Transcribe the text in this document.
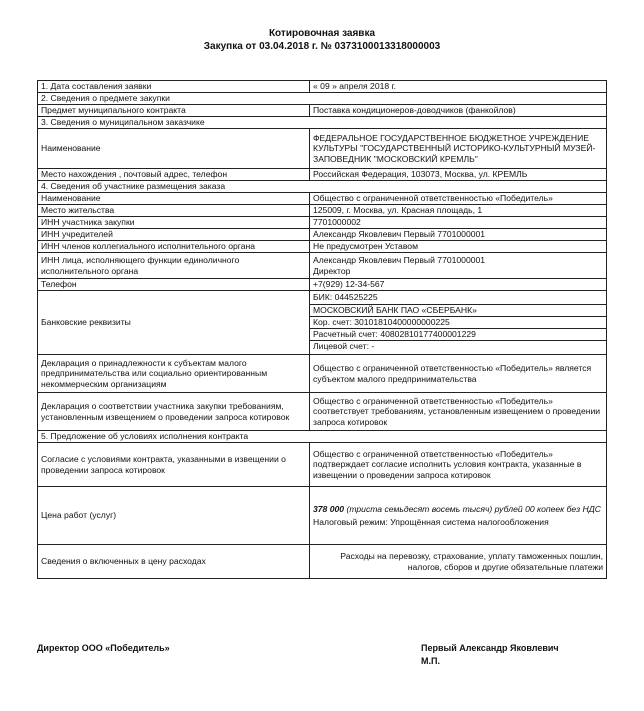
Котировочная заявка
Закупка от 03.04.2018 г. № 0373100013318000003
1. Дата составления заявки	« 09 » апреля 2018 г.
2. Сведения о предмете закупки	
Предмет муниципального контракта	Поставка кондиционеров-доводчиков (фанкойлов)
3. Сведения о муниципальном заказчике	
Наименование	ФЕДЕРАЛЬНОЕ ГОСУДАРСТВЕННОЕ БЮДЖЕТНОЕ УЧРЕЖДЕНИЕ КУЛЬТУРЫ "ГОСУДАРСТВЕННЫЙ ИСТОРИКО-КУЛЬТУРНЫЙ МУЗЕЙ-ЗАПОВЕДНИК "МОСКОВСКИЙ КРЕМЛЬ"
Место нахождения , почтовый адрес, телефон	Российская Федерация, 103073, Москва, ул. КРЕМЛЬ
4. Сведения об участнике размещения заказа	
Наименование	Общество с ограниченной ответственностью «Победитель»
Место жительства	125009, г. Москва, ул. Красная площадь, 1
ИНН участника закупки	7701000002
ИНН учредителей	Александр Яковлевич Первый 7701000001
ИНН членов коллегиального исполнительного органа	Не предусмотрен Уставом
ИНН лица, исполняющего функции единоличного исполнительного органа	Александр Яковлевич Первый 7701000001
Директор

Телефон	+7(929) 12-34-567
Банковские реквизиты	БИК: 044525225
МОСКОВСКИЙ БАНК ПАО «СБЕРБАНК»
Кор. счет: 30101810400000000225
Расчетный счет: 40802810177400001229
Лицевой счет: -

Декларация о принадлежности к субъектам малого предпринимательства или социально ориентированным некоммерческим организациям	Общество с ограниченной ответственностью «Победитель» является субъектом малого предпринимательства
Декларация о соответствии участника закупки требованиям, установленным извещением о проведении запроса котировок	Общество с ограниченной ответственностью «Победитель» соответствует требованиям, установленным извещением о проведении запроса котировок
5. Предложение об условиях исполнения контракта	
Согласие с условиями контракта, указанными в извещении о проведении запроса котировок	Общество с ограниченной ответственностью «Победитель» подтверждает согласие исполнить условия контракта, указанные в извещении о проведении запроса котировок
Цена работ (услуг)	378 000 (триста семьдесят восемь тысяч) рублей 00 копеек без НДС
Налоговый режим: Упрощённая система налогообложения

Сведения о включенных в цену расходах	Расходы на перевозку, страхование, уплату таможенных пошлин, налогов, сборов и другие обязательные платежи
Директор ООО «Победитель»	Первый Александр Яковлевич
М.П.
